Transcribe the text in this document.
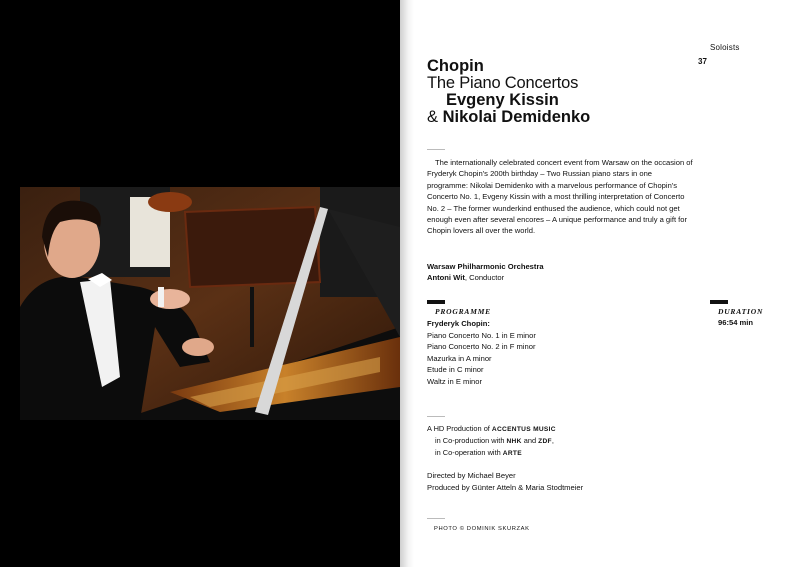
Soloists
37
Chopin
The Piano Concertos
Evgeny Kissin
& Nikolai Demidenko

The internationally celebrated concert event from Warsaw on the occasion of Fryderyk Chopin's 200th birthday – Two Russian piano stars in one programme: Nikolai Demidenko with a marvelous performance of Chopin's Concerto No. 1, Evgeny Kissin with a most thrilling interpretation of Concerto No. 2 – The former wunderkind enthused the audience, which could not get enough even after several encores – A unique performance and truly a gift for Chopin lovers all over the world.

Warsaw Philharmonic Orchestra
Antoni Wit, Conductor
PROGRAMME	DURATION
96:54 min
Fryderyk Chopin:
Piano Concerto No. 1 in E minor
Piano Concerto No. 2 in F minor
Mazurka in A minor
Etude in C minor
Waltz in E minor
A HD Production of ACCENTUS MUSIC
in Co-production with NHK and ZDF,
in Co-operation with ARTE
Directed by Michael Beyer
Produced by Günter Atteln & Maria Stodtmeier
PHOTO © DOMINIK SKURZAK
